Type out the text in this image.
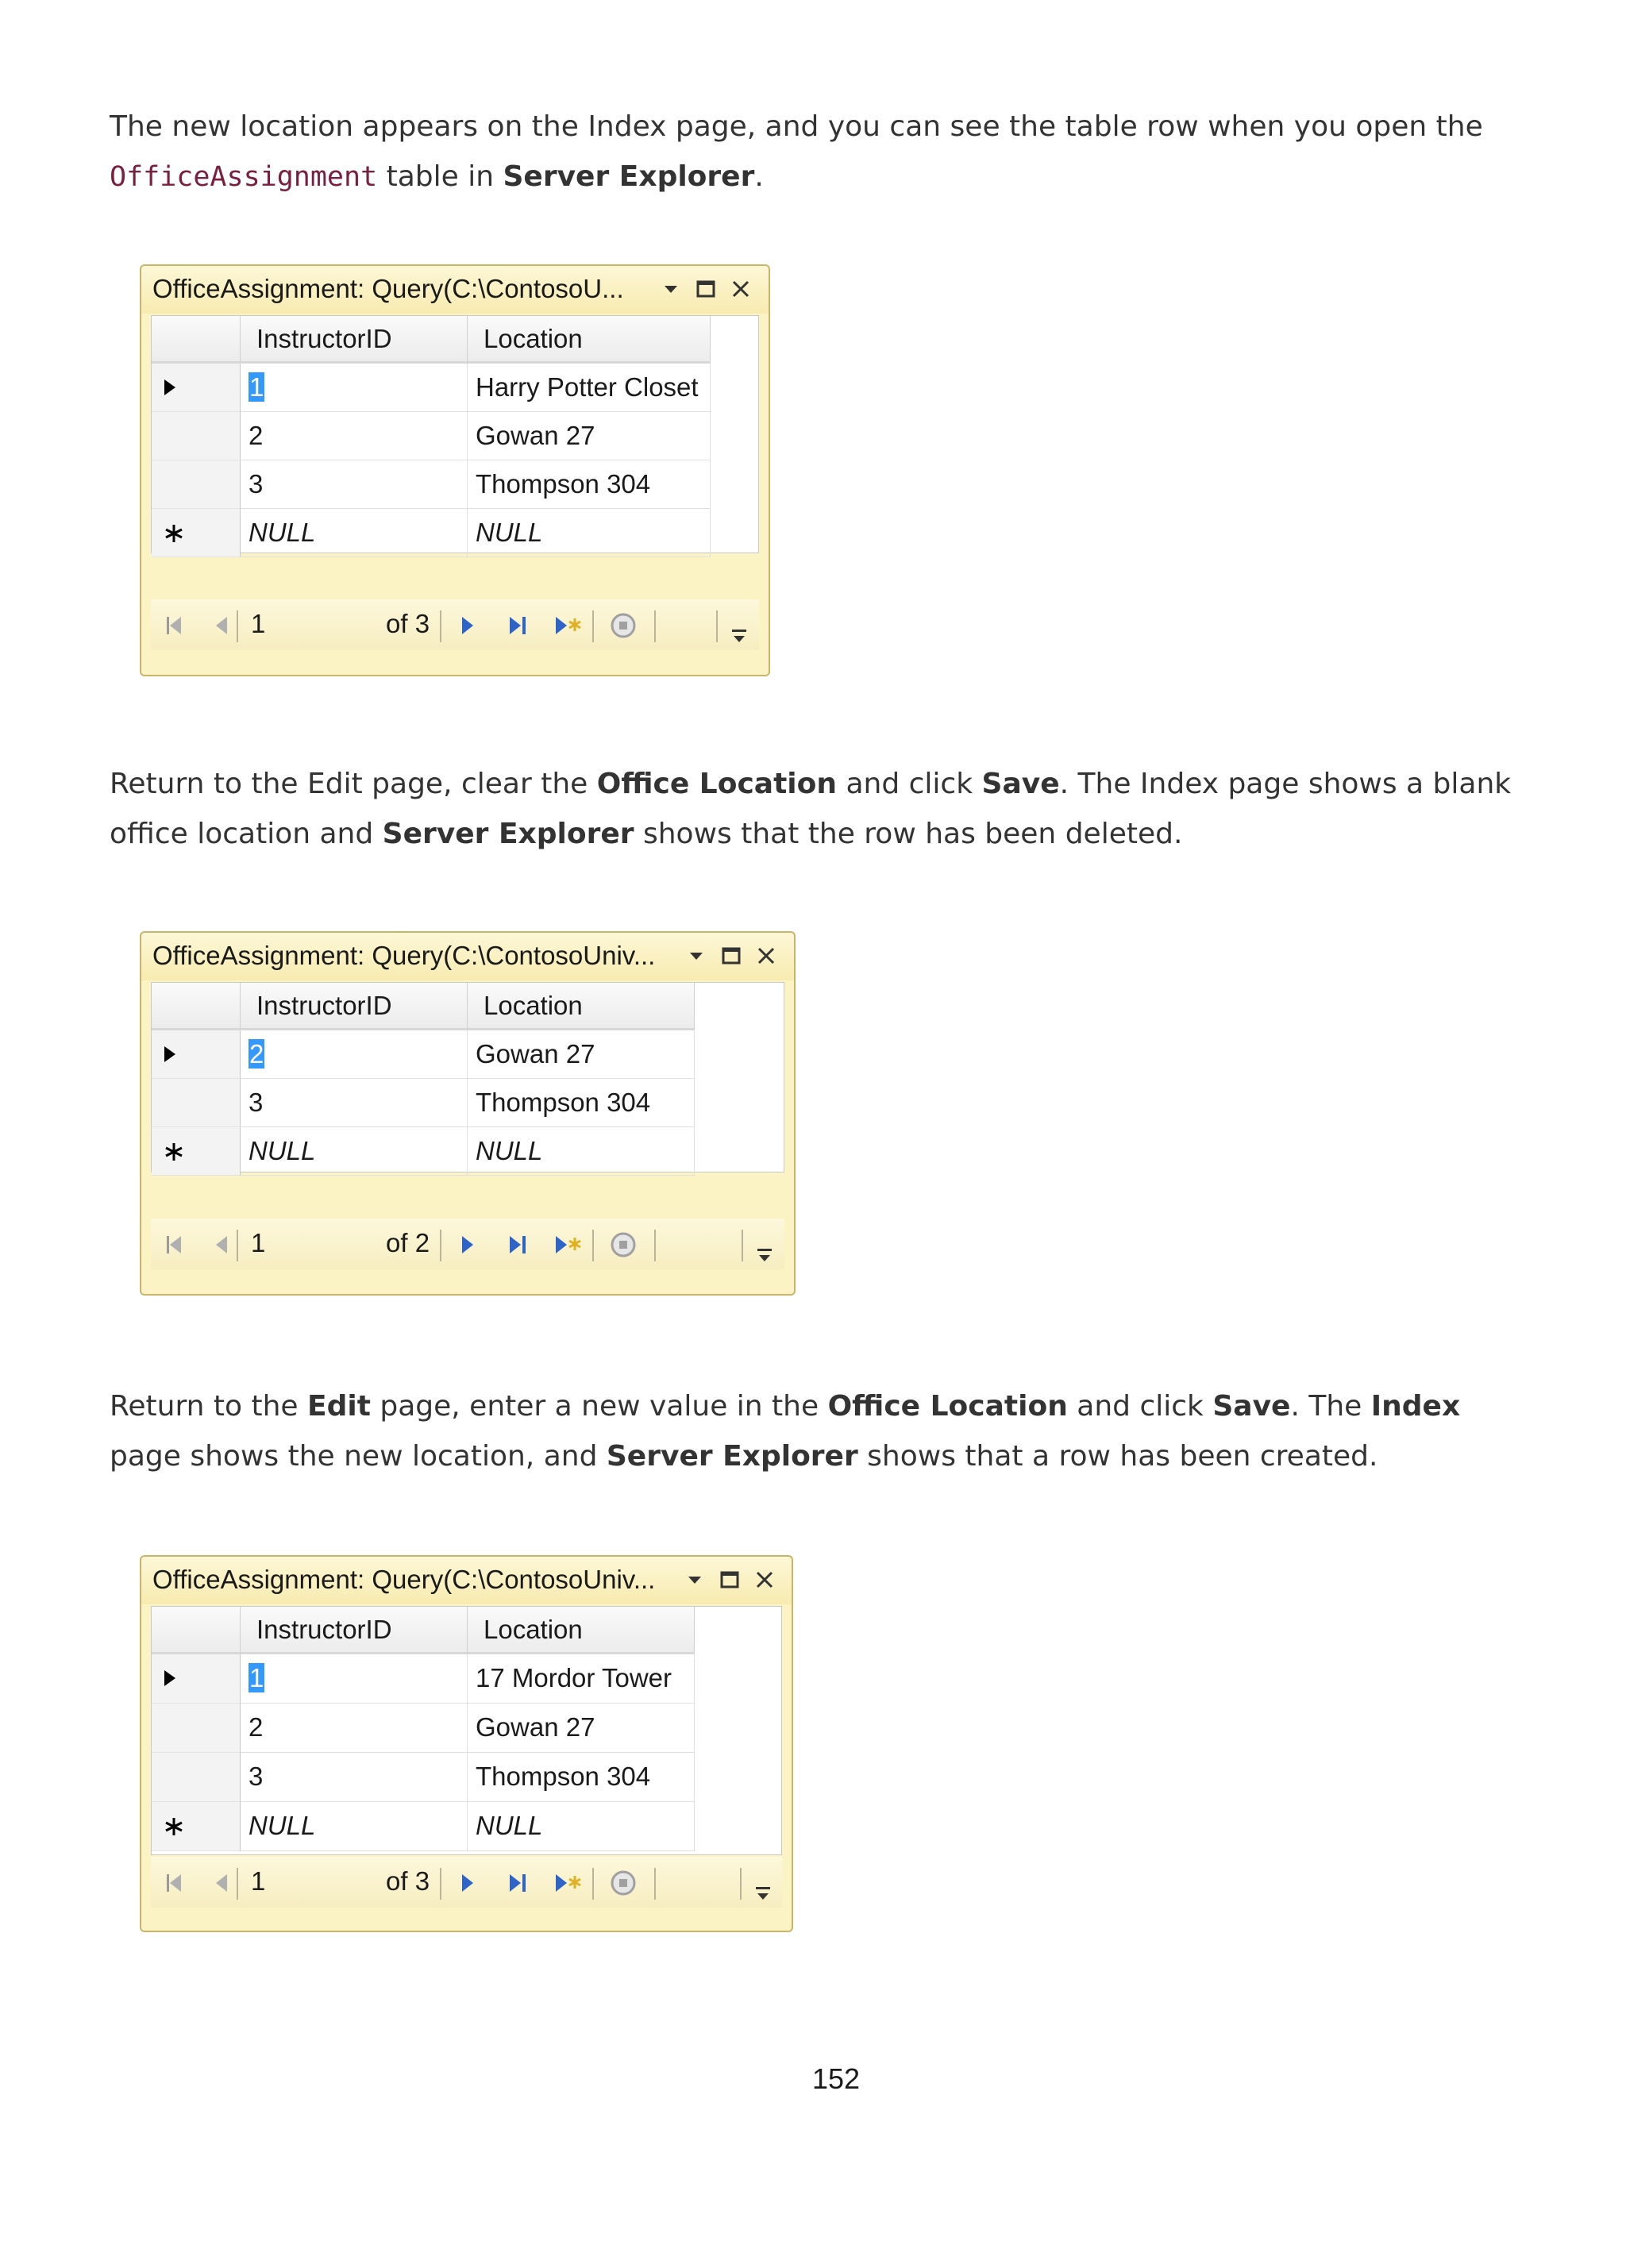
The new location appears on the Index page, and you can see the table row when you open the
OfficeAssignment table in Server Explorer.

OfficeAssignment: Query(C:\ContosoU...
InstructorID	Location
1	Harry Potter Closet
2	Gowan 27
3	Thompson 304
NULL	NULL
1	of 3

Return to the Edit page, clear the Office Location and click Save. The Index page shows a blank office location and Server Explorer shows that the row has been deleted.

OfficeAssignment: Query(C:\ContosoUniv...
InstructorID	Location
2	Gowan 27
3	Thompson 304
NULL	NULL
1	of 2

Return to the Edit page, enter a new value in the Office Location and click Save. The Index page shows the new location, and Server Explorer shows that a row has been created.

OfficeAssignment: Query(C:\ContosoUniv...
InstructorID	Location
1	17 Mordor Tower
2	Gowan 27
3	Thompson 304
NULL	NULL
1	of 3
152
